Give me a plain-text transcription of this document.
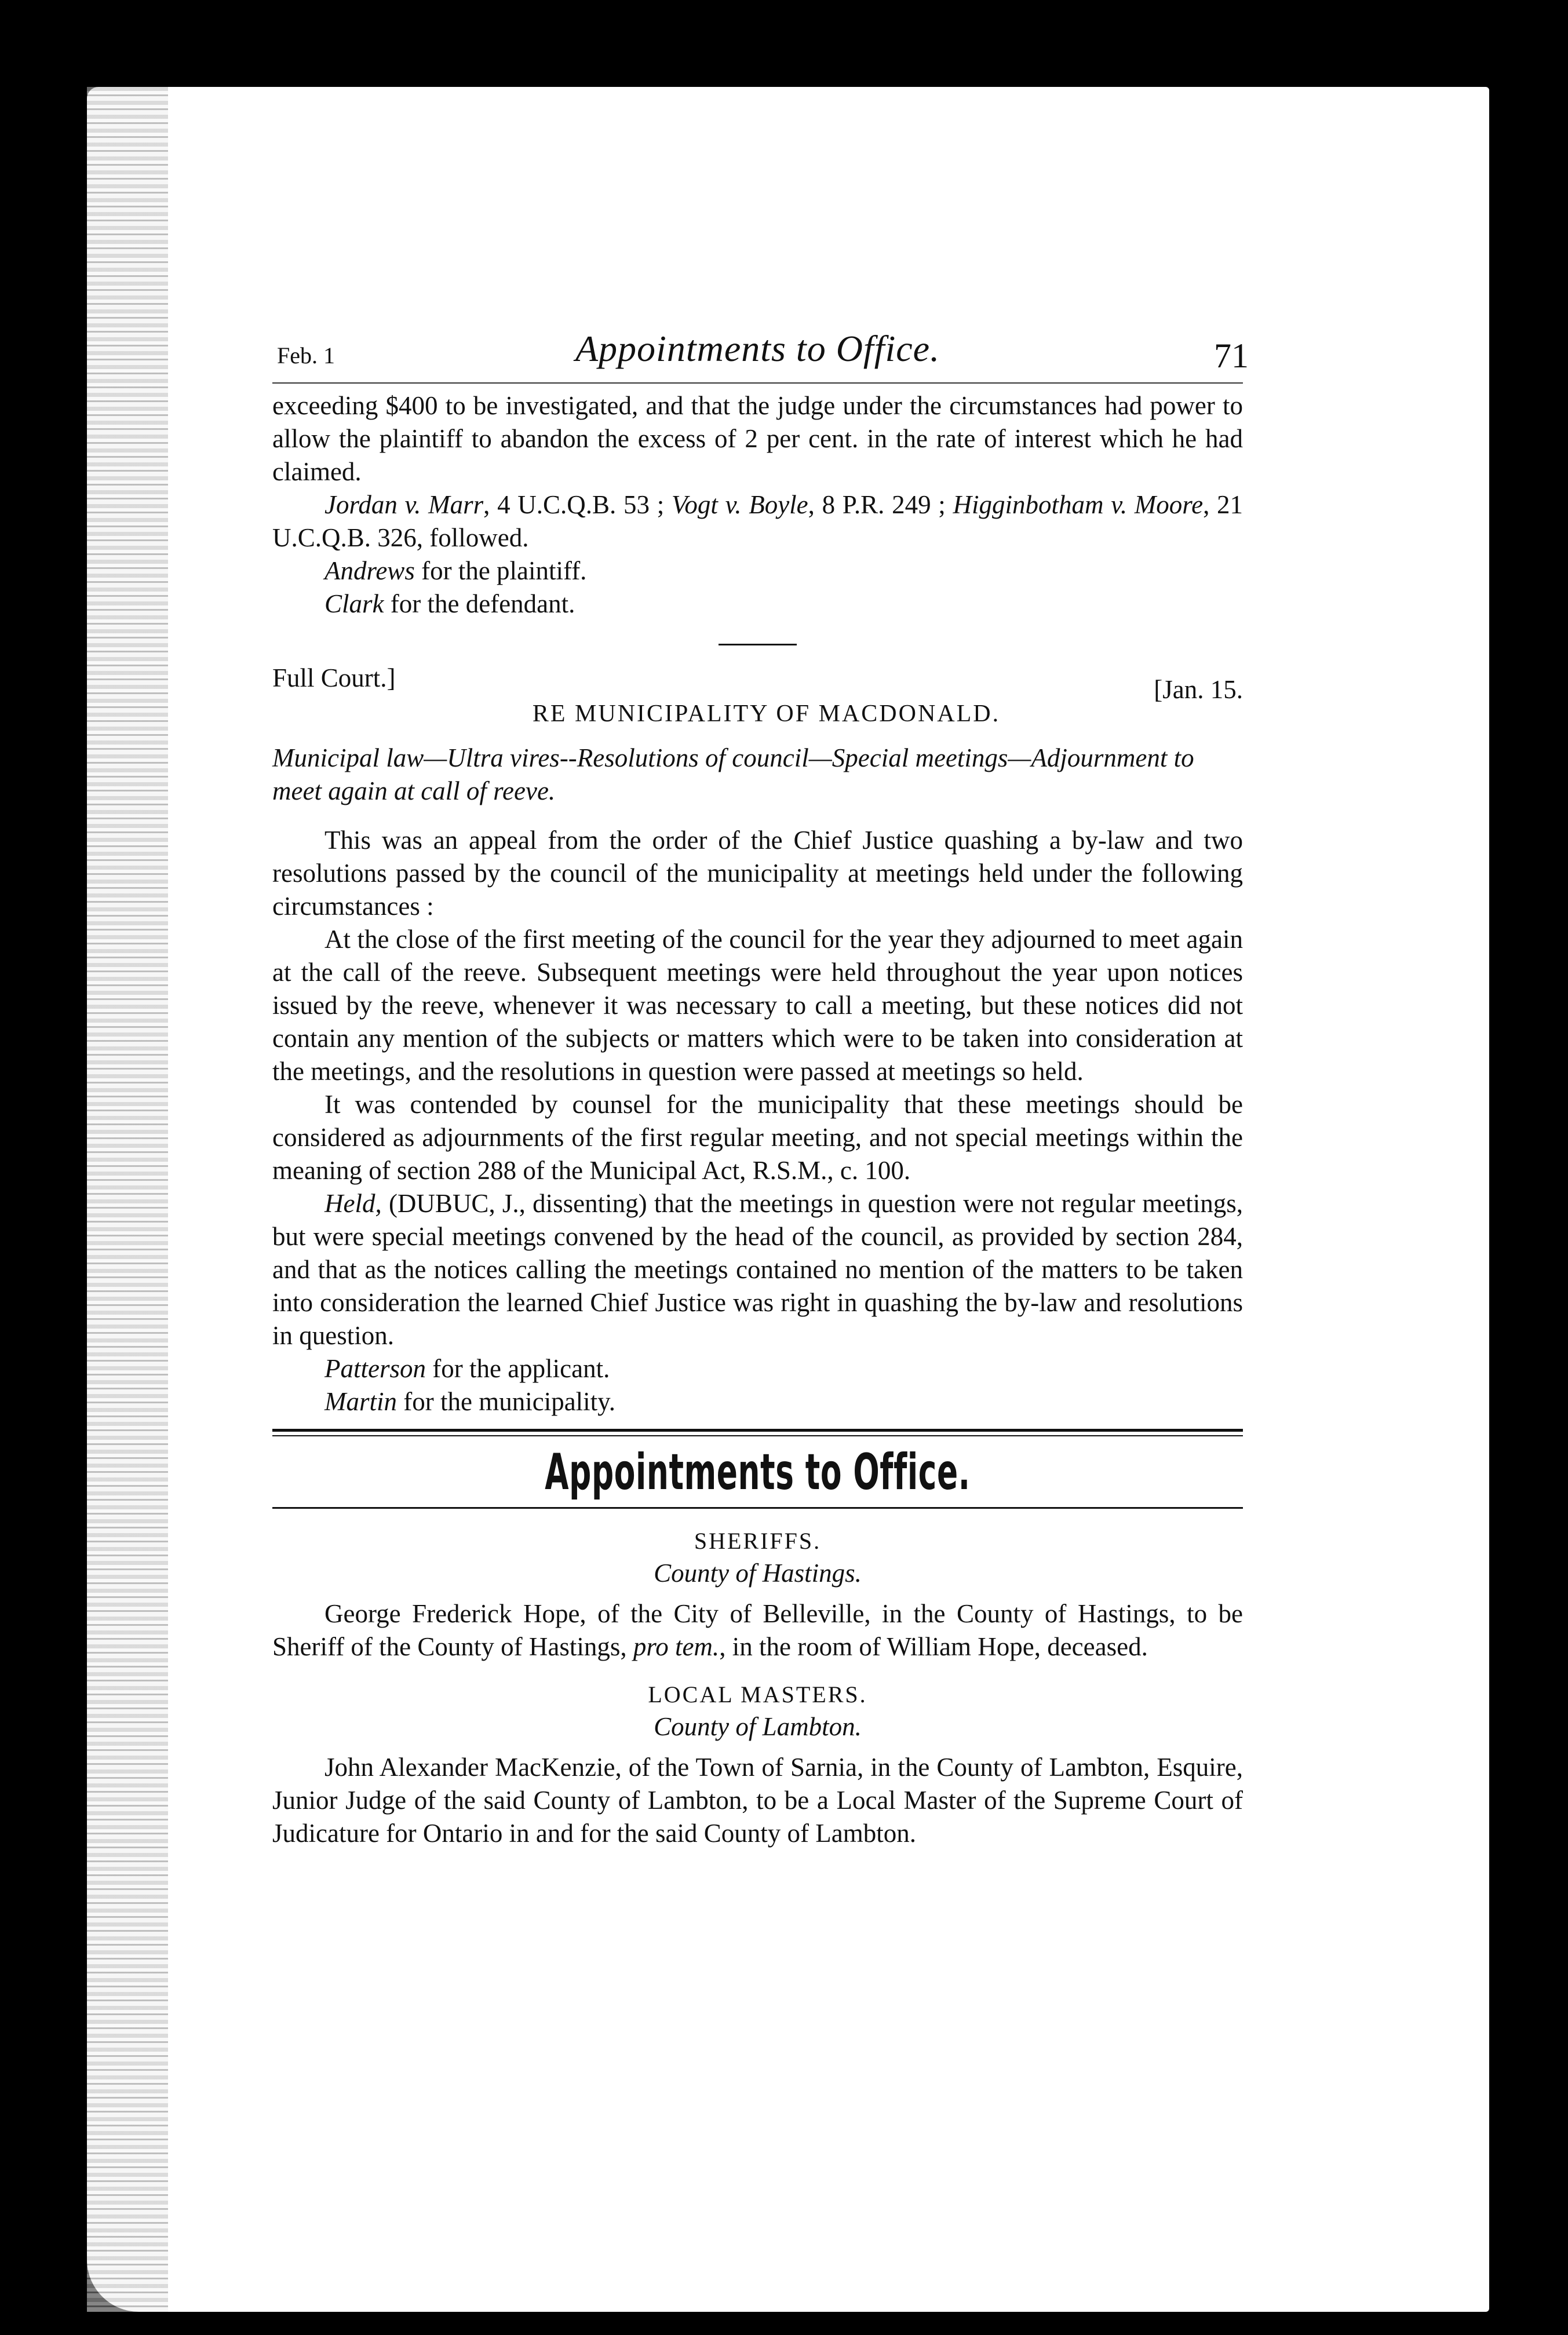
Feb. 1	Appointments to Office.	71

exceeding $400 to be investigated, and that the judge under the circumstances had power to allow the plaintiff to abandon the excess of 2 per cent. in the rate of interest which he had claimed.

Jordan v. Marr, 4 U.C.Q.B. 53 ; Vogt v. Boyle, 8 P.R. 249 ; Higginbotham v. Moore, 21 U.C.Q.B. 326, followed.

Andrews for the plaintiff.

Clark for the defendant.

Full Court.]	[Jan. 15.
RE MUNICIPALITY OF MACDONALD.
Municipal law—Ultra vires--Resolutions of council—Special meetings—Adjournment to meet again at call of reeve.

This was an appeal from the order of the Chief Justice quashing a by-law and two resolutions passed by the council of the municipality at meetings held under the following circumstances :

At the close of the first meeting of the council for the year they adjourned to meet again at the call of the reeve. Subsequent meetings were held throughout the year upon notices issued by the reeve, whenever it was necessary to call a meeting, but these notices did not contain any mention of the subjects or matters which were to be taken into consideration at the meetings, and the resolutions in question were passed at meetings so held.

It was contended by counsel for the municipality that these meetings should be considered as adjournments of the first regular meeting, and not special meetings within the meaning of section 288 of the Municipal Act, R.S.M., c. 100.

Held, (DUBUC, J., dissenting) that the meetings in question were not regular meetings, but were special meetings convened by the head of the council, as provided by section 284, and that as the notices calling the meetings contained no mention of the matters to be taken into consideration the learned Chief Justice was right in quashing the by-law and resolutions in question.

Patterson for the applicant.

Martin for the municipality.

Appointments to Office.
SHERIFFS.
County of Hastings.

George Frederick Hope, of the City of Belleville, in the County of Hastings, to be Sheriff of the County of Hastings, pro tem., in the room of William Hope, deceased.

LOCAL MASTERS.
County of Lambton.

John Alexander MacKenzie, of the Town of Sarnia, in the County of Lambton, Esquire, Junior Judge of the said County of Lambton, to be a Local Master of the Supreme Court of Judicature for Ontario in and for the said County of Lambton.
